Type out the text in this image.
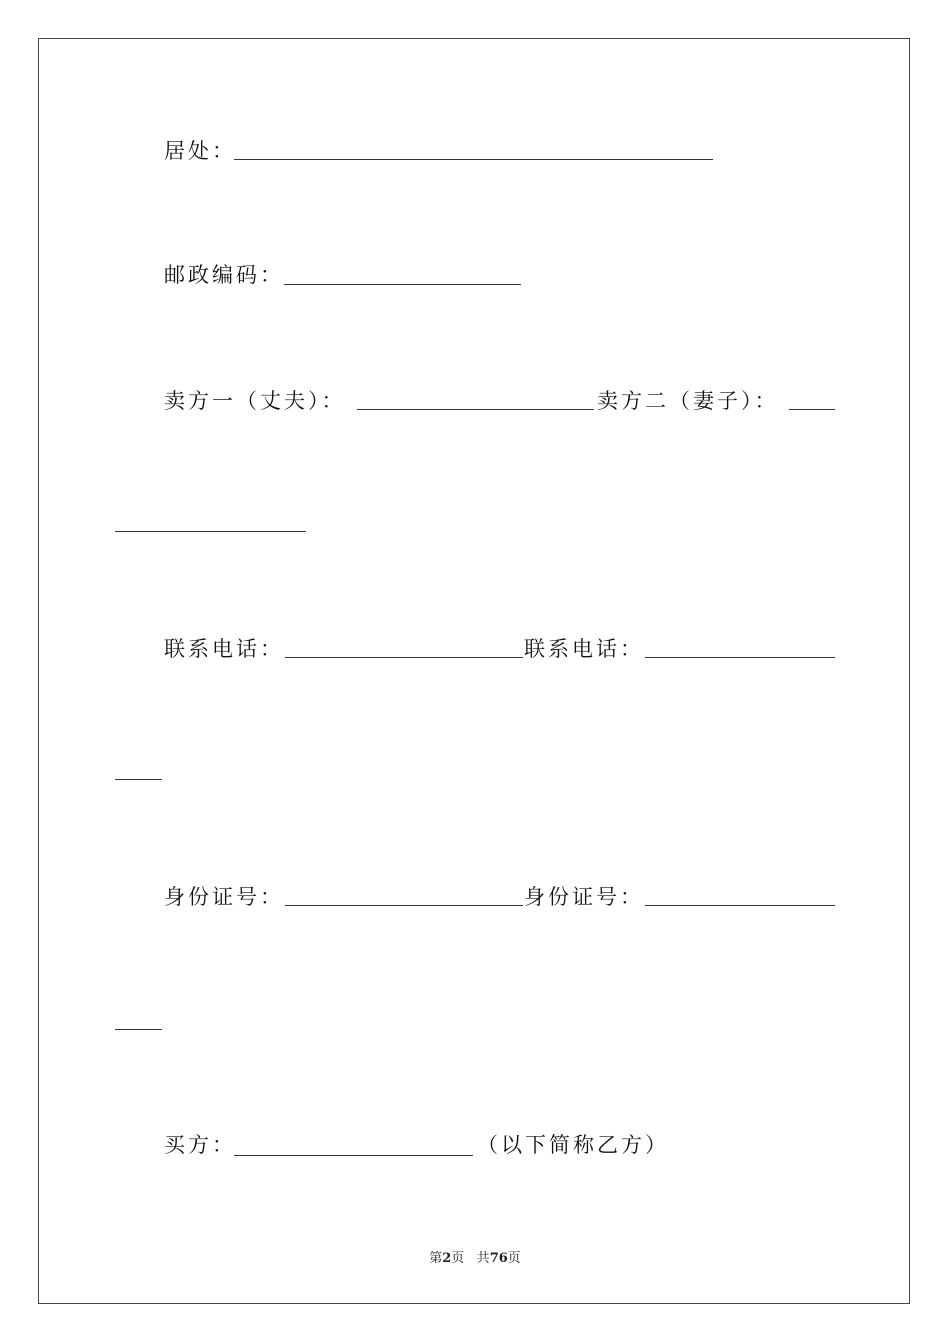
居处：
邮政编码：
卖方一（丈夫）：	卖方二（妻子）：
联系电话：	联系电话：
身份证号：	身份证号：
买方：	（以下简称乙方）
第2页 共76页
